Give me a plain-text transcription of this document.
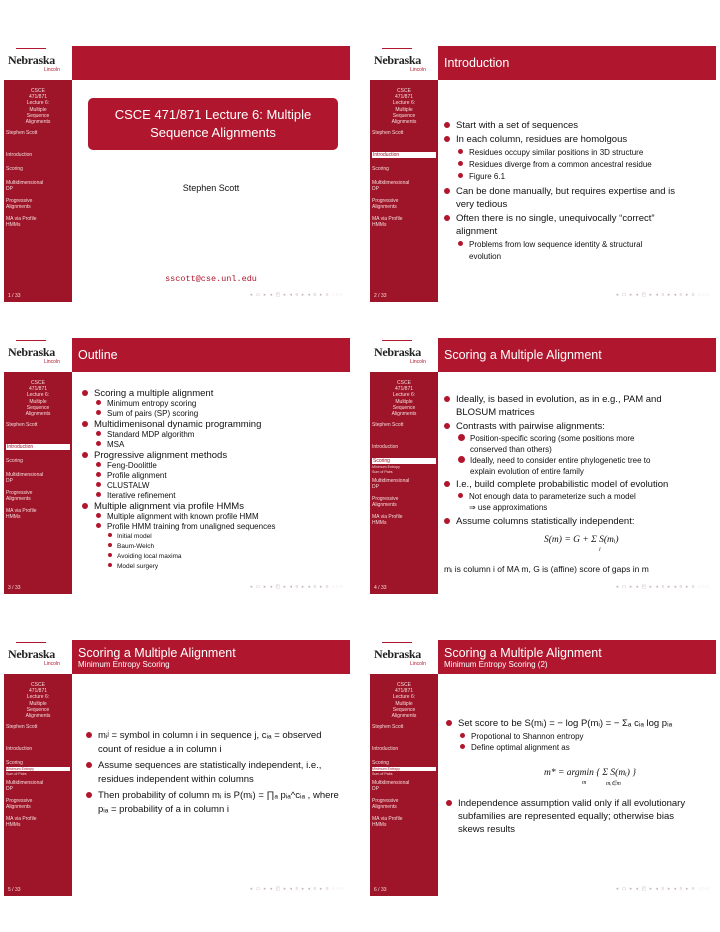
Nebraska
Lincoln
CSCE
471/871
Lecture 6:
Multiple
Sequence
Alignments
Stephen Scott
Introduction
Scoring
Multidimensional
DP
Progressive
Alignments
MA via Profile
HMMs
1 / 33
CSCE 471/871 Lecture 6: Multiple
Sequence Alignments
Stephen Scott
sscott@cse.unl.edu
◂ ▭ ▸ ◂ ◰ ▸ ◂ ≡ ▸ ◂ ≡ ▸ ≡ ◌◌◌
Nebraska
Lincoln Introduction
CSCE
471/871
Lecture 6:
Multiple
Sequence
Alignments
Stephen Scott
Introduction
Scoring
Multidimensional
DP
Progressive
Alignments
MA via Profile
HMMs
2 / 33
Start with a set of sequences
In each column, residues are homolgous
Residues occupy similar positions in 3D structure
Residues diverge from a common ancestral residue
Figure 6.1
Can be done manually, but requires expertise and is
very tedious
Often there is no single, unequivocally “correct”
alignment
Problems from low sequence identity & structural
evolution
◂ ▭ ▸ ◂ ◰ ▸ ◂ ≡ ▸ ◂ ≡ ▸ ≡ ◌◌◌
Nebraska
Lincoln Outline
CSCE
471/871
Lecture 6:
Multiple
Sequence
Alignments
Stephen Scott
Introduction
Scoring
Multidimensional
DP
Progressive
Alignments
MA via Profile
HMMs
3 / 33
Scoring a multiple alignment
Minimum entropy scoring
Sum of pairs (SP) scoring
Multidimenisonal dynamic programming
Standard MDP algorithm
MSA
Progressive alignment methods
Feng-Doolittle
Profile alignment
CLUSTALW
Iterative refinement
Multiple alignment via profile HMMs
Multiple alignment with known profile HMM
Profile HMM training from unaligned sequences
Initial model
Baum-Welch
Avoiding local maxima
Model surgery
◂ ▭ ▸ ◂ ◰ ▸ ◂ ≡ ▸ ◂ ≡ ▸ ≡ ◌◌◌
Nebraska
Lincoln Scoring a Multiple Alignment
CSCE
471/871
Lecture 6:
Multiple
Sequence
Alignments
Stephen Scott
Introduction
Scoring
Minimum Entropy
Sum of Pairs
Multidimensional
DP
Progressive
Alignments
MA via Profile
HMMs
4 / 33
Ideally, is based in evolution, as in e.g., PAM and
BLOSUM matrices
Contrasts with pairwise alignments:
Position-specific scoring (some positions more
conserved than others)
Ideally, need to consider entire phylogenetic tree to
explain evolution of entire family
I.e., build complete probabilistic model of evolution
Not enough data to parameterize such a model
⇒ use approximations
Assume columns statistically independent:
S(m) = G + Σ S(mᵢ)
i
mᵢ is column i of MA m, G is (affine) score of gaps in m
◂ ▭ ▸ ◂ ◰ ▸ ◂ ≡ ▸ ◂ ≡ ▸ ≡ ◌◌◌
Nebraska
Lincoln
Scoring a Multiple Alignment
Minimum Entropy Scoring
CSCE
471/871
Lecture 6:
Multiple
Sequence
Alignments
Stephen Scott
Introduction
Scoring
Minimum Entropy
Sum of Pairs
Multidimensional
DP
Progressive
Alignments
MA via Profile
HMMs
5 / 33
mᵢʲ = symbol in column i in sequence j, cᵢₐ = observed
count of residue a in column i
Assume sequences are statistically independent, i.e.,
residues independent within columns
Then probability of column mᵢ is P(mᵢ) = ∏ₐ pᵢₐ^cᵢₐ , where
pᵢₐ = probability of a in column i
◂ ▭ ▸ ◂ ◰ ▸ ◂ ≡ ▸ ◂ ≡ ▸ ≡ ◌◌◌
Nebraska
Lincoln
Scoring a Multiple Alignment
Minimum Entropy Scoring (2)
CSCE
471/871
Lecture 6:
Multiple
Sequence
Alignments
Stephen Scott
Introduction
Scoring
Minimum Entropy
Sum of Pairs
Multidimensional
DP
Progressive
Alignments
MA via Profile
HMMs
6 / 33
Set score to be S(mᵢ) = − log P(mᵢ) = − Σₐ cᵢₐ log pᵢₐ
Propotional to Shannon entropy
Define optimal alignment as
m* = argmin { Σ S(mᵢ) }
m	mᵢ∈m
Independence assumption valid only if all evolutionary
subfamilies are represented equally; otherwise bias
skews results
◂ ▭ ▸ ◂ ◰ ▸ ◂ ≡ ▸ ◂ ≡ ▸ ≡ ◌◌◌
